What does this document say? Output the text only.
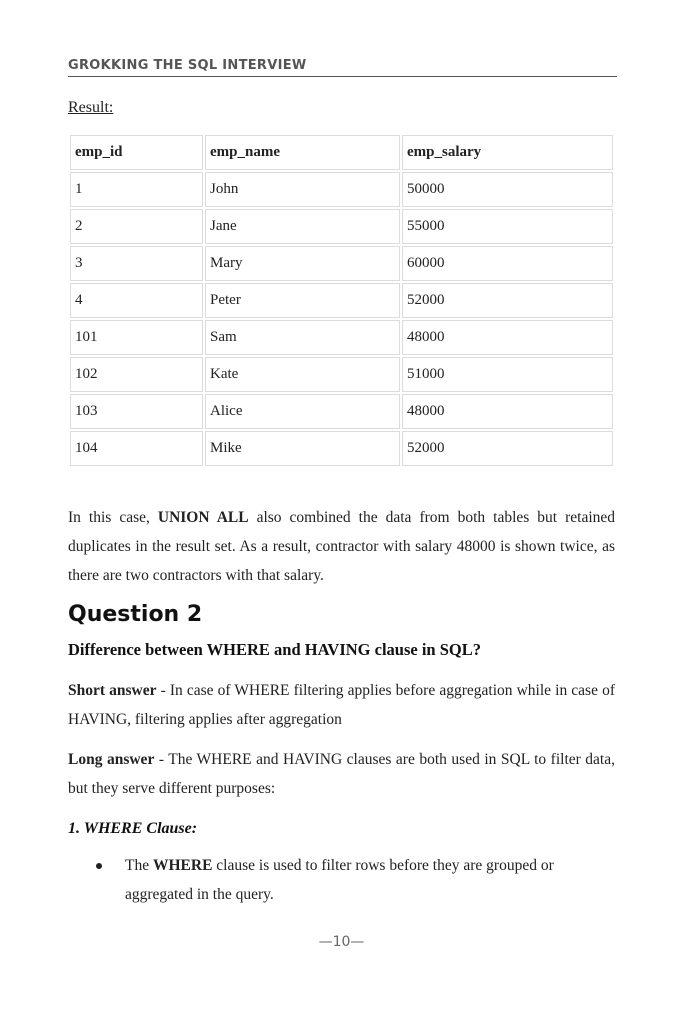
GROKKING THE SQL INTERVIEW
Result:
emp_id	emp_name	emp_salary
1	John	50000
2	Jane	55000
3	Mary	60000
4	Peter	52000
101	Sam	48000
102	Kate	51000
103	Alice	48000
104	Mike	52000

In this case, UNION ALL also combined the data from both tables but retained duplicates in the result set. As a result, contractor with salary 48000 is shown twice, as there are two contractors with that salary.

Question 2
Difference between WHERE and HAVING clause in SQL?

Short answer - In case of WHERE filtering applies before aggregation while in case of HAVING, filtering applies after aggregation

Long answer - The WHERE and HAVING clauses are both used in SQL to filter data, but they serve different purposes:

1. WHERE Clause:
The WHERE clause is used to filter rows before they are grouped or aggregated in the query.
—10—
